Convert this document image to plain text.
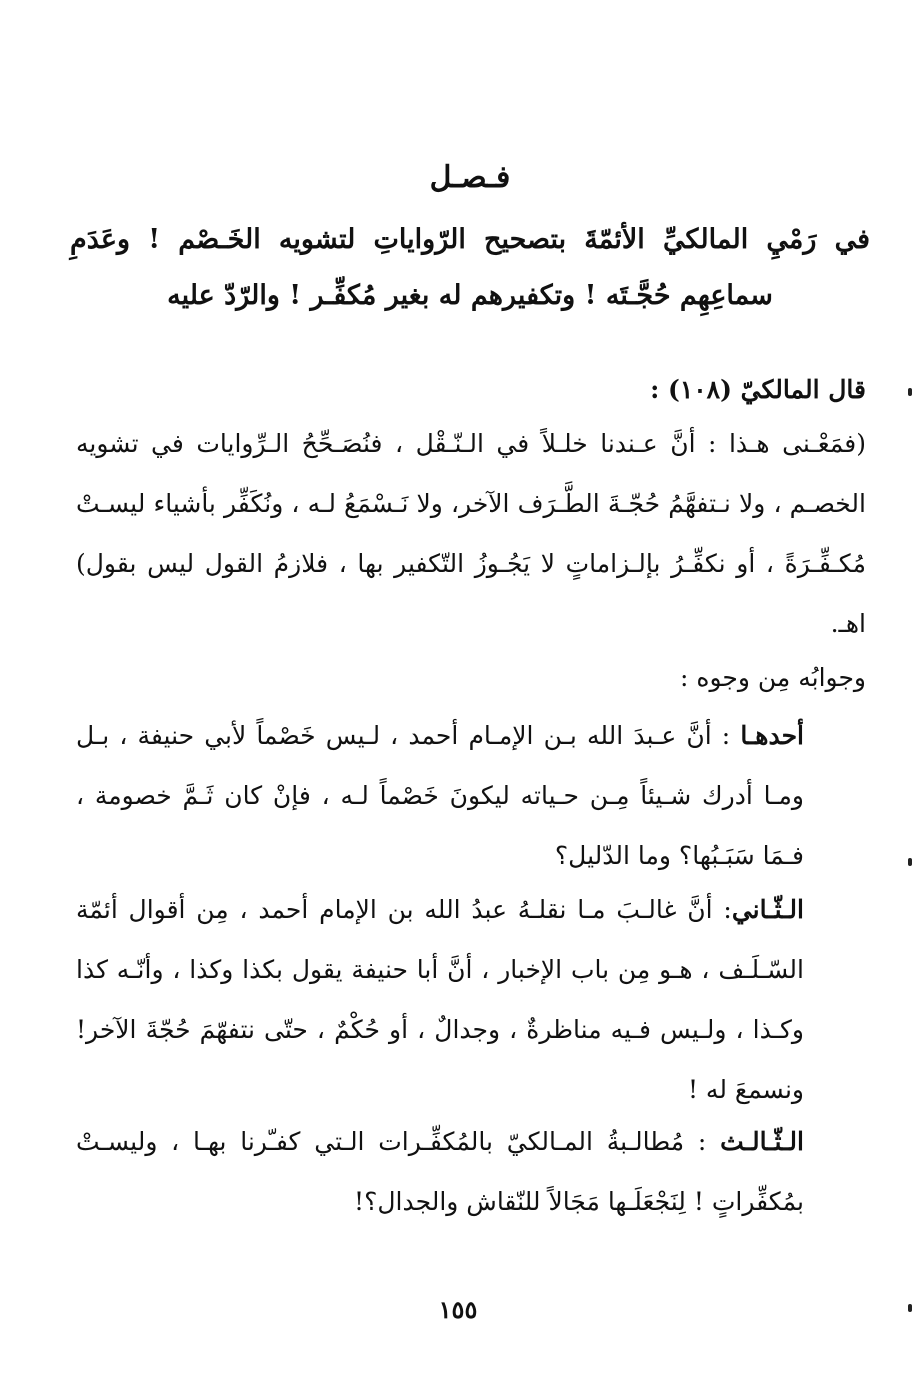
فـصـل
في رَمْيِ المالكيِّ الأئمّةَ بتصحيح الرّواياتِ لتشويه الخَـصْم ! وعَدَمِ سماعِهِم حُجَّـتَه ! وتكفيرهم له بغير مُكفِّـر ! والرّدّ عليه
قال المالكيّ (١٠٨) :
(فمَعْـنى هـذا : أنَّ عـندنا خلـلاً في الـنّـقْل ، فنُصَـحِّحُ الـرِّوايات في تشويه الخصـم ، ولا نـتفهَّمُ حُجّـةَ الطَّـرَف الآخر، ولا نَـسْمَعُ لـه ، ونُكَفِّر بأشياء ليسـتْ مُكـفِّـرَةً ، أو نكفِّـرُ بإلـزاماتٍ لا يَجُـوزُ التّكفير بها ، فلازمُ القول ليس بقول) اهـ.
وجوابُه مِن وجوه :

أحدهـا : أنَّ عـبدَ الله بـن الإمـام أحمد ، لـيس خَصْماً لأبي حنيفة ، بـل ومـا أدرك شـيئاً مِـن حـياته ليكونَ خَصْماً لـه ، فإنْ كان ثَـمَّ خصومة ، فـمَا سَبَـبُها؟ وما الدّليل؟

الـثّـاني: أنَّ غالـبَ مـا نقلـهُ عبدُ الله بن الإمام أحمد ، مِن أقوال أئمّة السّـلَـف ، هـو مِن باب الإخبار ، أنَّ أبا حنيفة يقول بكذا وكذا ، وأنّـه كذا وكـذا ، ولـيس فـيه مناظرةٌ ، وجدالٌ ، أو حُكْمٌ ، حتّى نتفهّمَ حُجّةَ الآخر! ونسمعَ له !

الـثّـالـث : مُطالـبةُ المـالكيّ بالمُكفِّـرات الـتي كفـّرنا بهـا ، وليسـتْ بمُكفِّراتٍ ! لِنَجْعَلَـها مَجَالاً للنّقاش والجدال؟!

١٥٥
